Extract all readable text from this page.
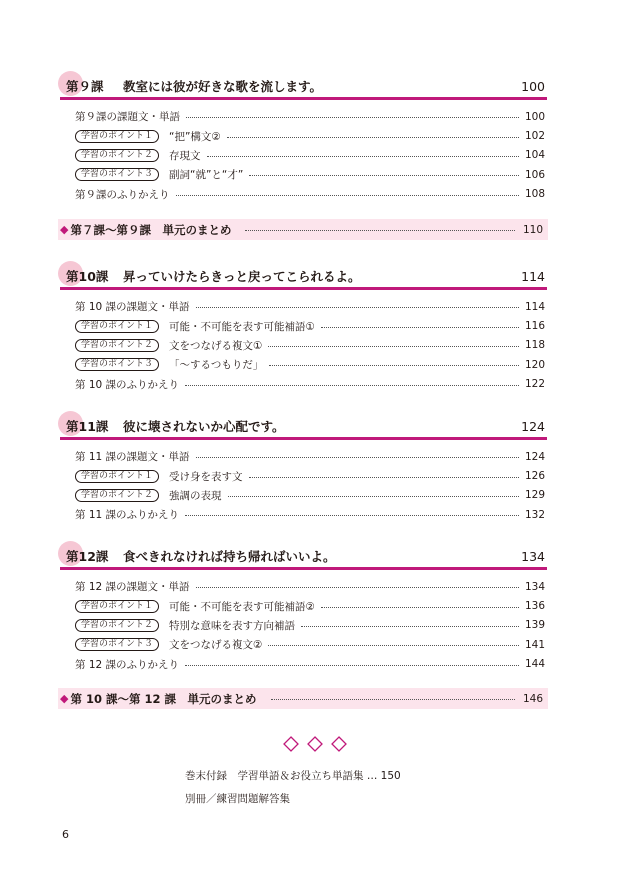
第９課 教室には彼が好きな歌を流します。	100
第９課の課題文・単語	100
学習のポイント１	“把”構文②	102
学習のポイント２	存現文	104
学習のポイント３	副詞“就”と“才”	106
第９課のふりかえり	108
◆ 第７課～第９課　単元のまとめ	110
第10課 昇っていけたらきっと戻ってこられるよ。	114
第 10 課の課題文・単語	114
学習のポイント１	可能・不可能を表す可能補語①	116
学習のポイント２	文をつなげる複文①	118
学習のポイント３	「～するつもりだ」	120
第 10 課のふりかえり	122
第11課 彼に壊されないか心配です。	124
第 11 課の課題文・単語	124
学習のポイント１	受け身を表す文	126
学習のポイント２	強調の表現	129
第 11 課のふりかえり	132
第12課 食べきれなければ持ち帰ればいいよ。	134
第 12 課の課題文・単語	134
学習のポイント１	可能・不可能を表す可能補語②	136
学習のポイント２	特別な意味を表す方向補語	139
学習のポイント３	文をつなげる複文②	141
第 12 課のふりかえり	144
◆ 第 10 課～第 12 課　単元のまとめ	146
巻末付録　学習単語＆お役立ち単語集 … 150
別冊／練習問題解答集
6
